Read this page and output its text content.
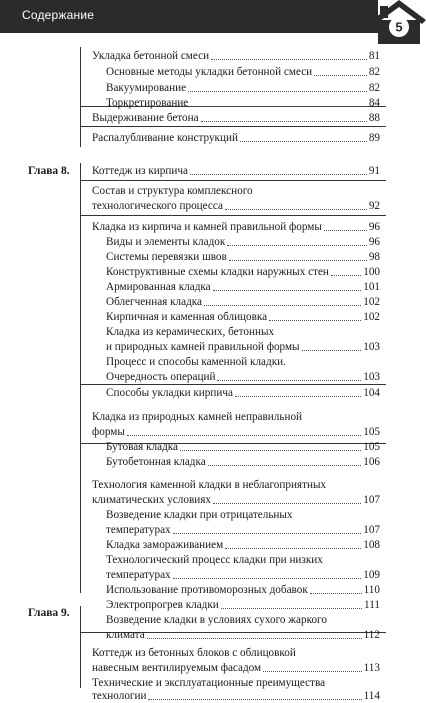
Содержание
5
Глава 8.
Глава 9.
Укладка бетонной смеси	81
Основные методы укладки бетонной смеси	82
Вакуумирование	82
Торкретирование	84
Выдерживание бетона	88
Распалубливание конструкций	89
Коттедж из кирпича	91
Состав и структура комплексного
технологического процесса	92
Кладка из кирпича и камней правильной формы	96
Виды и элементы кладок	96
Системы перевязки швов	98
Конструктивные схемы кладки наружных стен	100
Армированная кладка	101
Облегченная кладка	102
Кирпичная и каменная облицовка	102
Кладка из керамических, бетонных
и природных камней правильной формы	103
Процесс и способы каменной кладки.
Очередность операций	103
Способы укладки кирпича	104
Кладка из природных камней неправильной
формы	105
Бутовая кладка	105
Бутобетонная кладка	106
Технология каменной кладки в неблагоприятных
климатических условиях	107
Возведение кладки при отрицательных
температурах	107
Кладка замораживанием	108
Технологический процесс кладки при низких
температурах	109
Использование противоморозных добавок	110
Электропрогрев кладки	111
Возведение кладки в условиях сухого жаркого
климата	112
Коттедж из бетонных блоков с облицовкой
навесным вентилируемым фасадом	113
Технические и эксплуатационные преимущества
технологии	114
